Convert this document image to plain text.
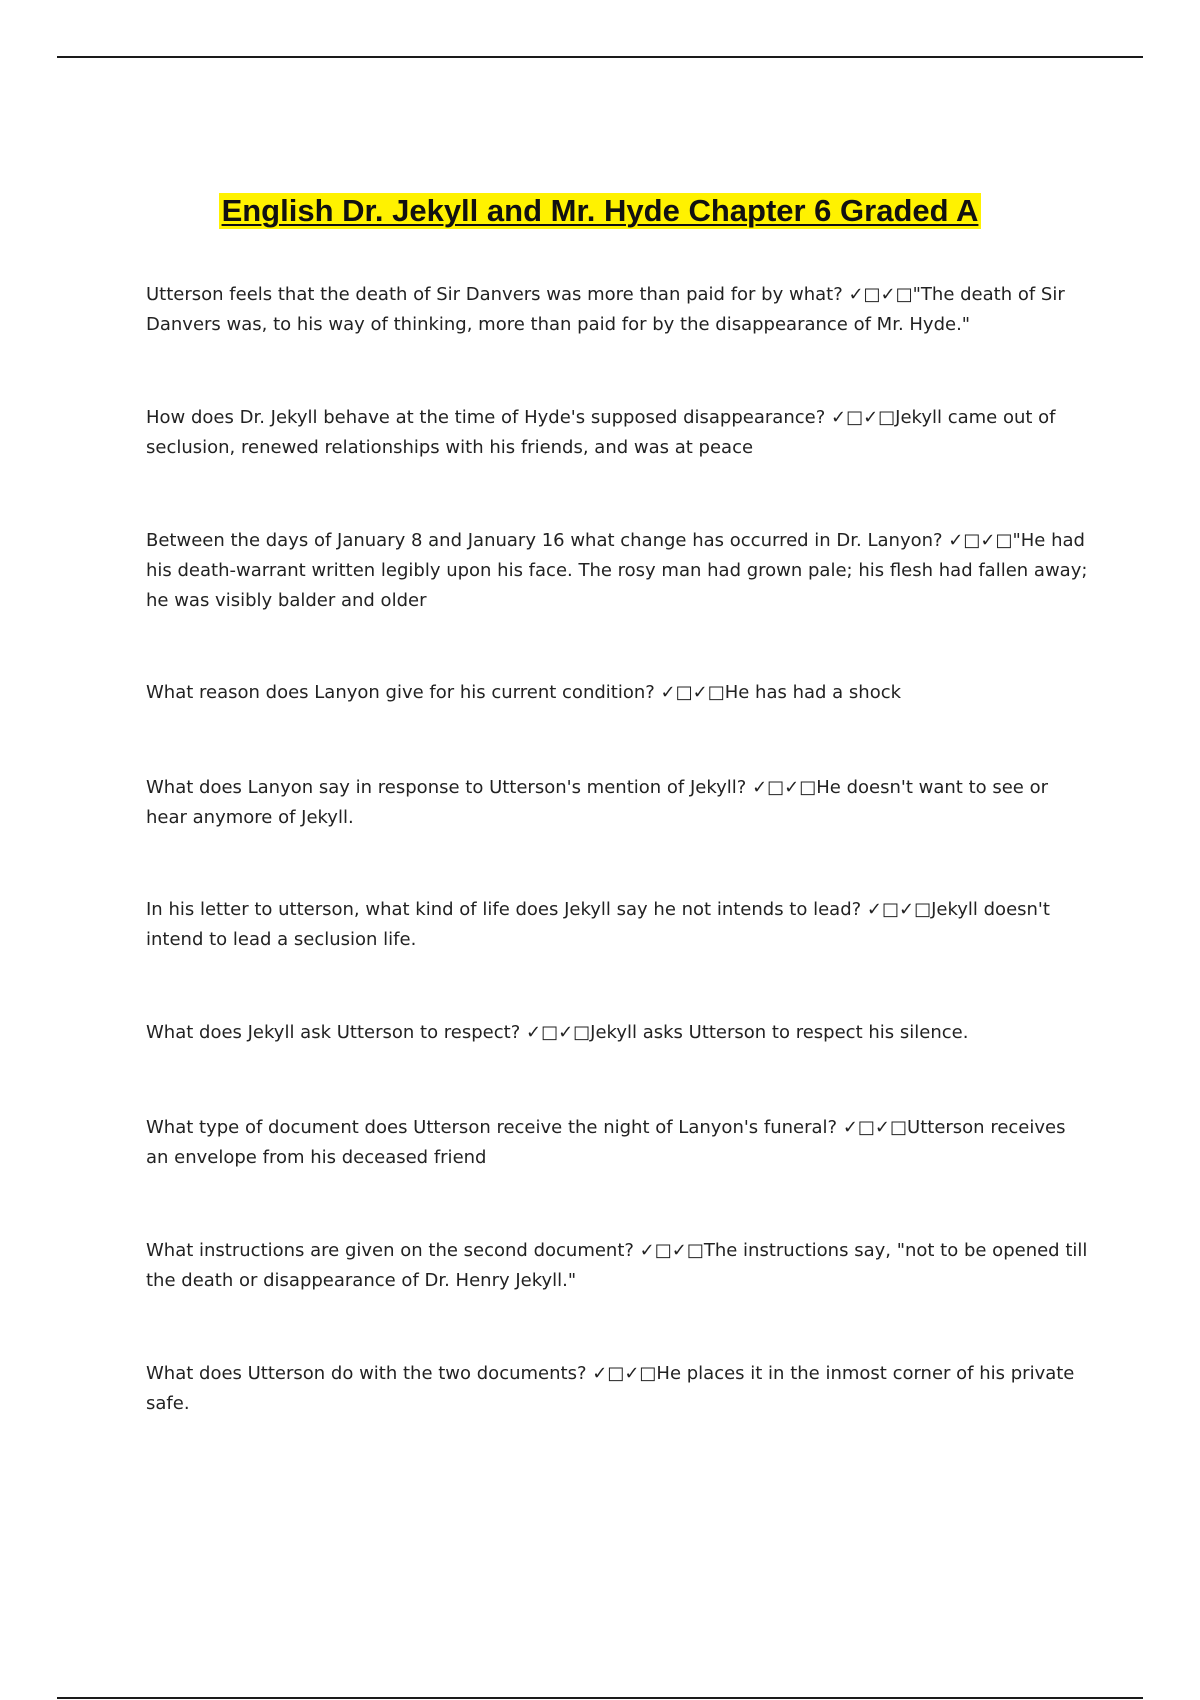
English Dr. Jekyll and Mr. Hyde Chapter 6 Graded A

Utterson feels that the death of Sir Danvers was more than paid for by what? ✓□✓□"The death of Sir Danvers was, to his way of thinking, more than paid for by the disappearance of Mr. Hyde."

How does Dr. Jekyll behave at the time of Hyde's supposed disappearance? ✓□✓□Jekyll came out of seclusion, renewed relationships with his friends, and was at peace

Between the days of January 8 and January 16 what change has occurred in Dr. Lanyon? ✓□✓□"He had his death-warrant written legibly upon his face. The rosy man had grown pale; his flesh had fallen away; he was visibly balder and older

What reason does Lanyon give for his current condition? ✓□✓□He has had a shock

What does Lanyon say in response to Utterson's mention of Jekyll? ✓□✓□He doesn't want to see or hear anymore of Jekyll.

In his letter to utterson, what kind of life does Jekyll say he not intends to lead? ✓□✓□Jekyll doesn't intend to lead a seclusion life.

What does Jekyll ask Utterson to respect? ✓□✓□Jekyll asks Utterson to respect his silence.

What type of document does Utterson receive the night of Lanyon's funeral? ✓□✓□Utterson receives an envelope from his deceased friend

What instructions are given on the second document? ✓□✓□The instructions say, "not to be opened till the death or disappearance of Dr. Henry Jekyll."

What does Utterson do with the two documents? ✓□✓□He places it in the inmost corner of his private safe.
